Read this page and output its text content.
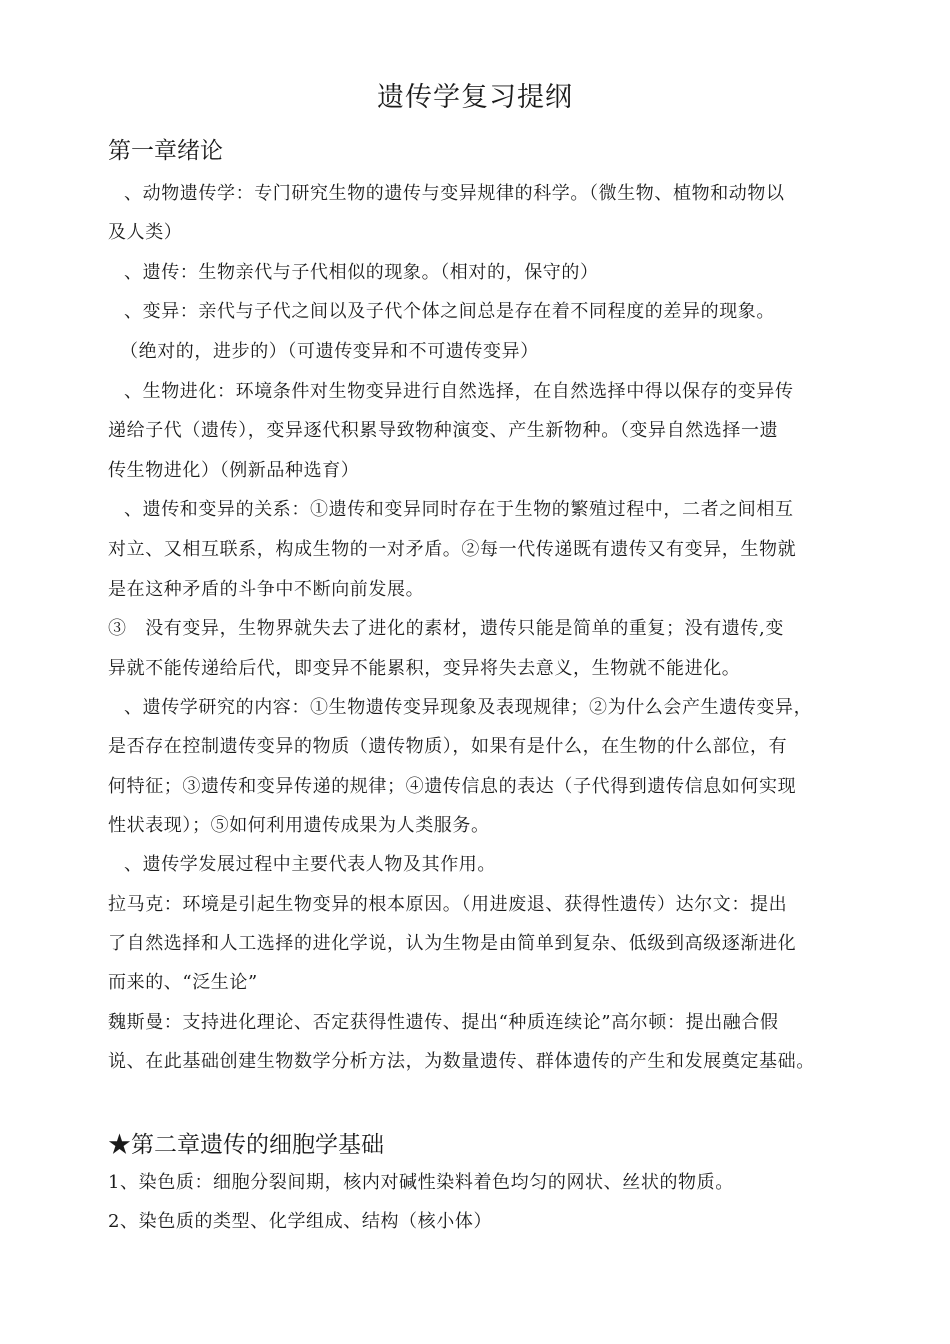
遗传学复习提纲
第一章绪论
、动物遗传学：专门研究生物的遗传与变异规律的科学。（微生物、植物和动物以
及人类）
、遗传：生物亲代与子代相似的现象。（相对的，保守的）
、变异：亲代与子代之间以及子代个体之间总是存在着不同程度的差异的现象。
（绝对的，进步的）（可遗传变异和不可遗传变异）
、生物进化：环境条件对生物变异进行自然选择，在自然选择中得以保存的变异传
递给子代（遗传），变异逐代积累导致物种演变、产生新物种。（变异自然选择一遗
传生物进化）（例新品种选育）
、遗传和变异的关系：①遗传和变异同时存在于生物的繁殖过程中，二者之间相互
对立、又相互联系，构成生物的一对矛盾。②每一代传递既有遗传又有变异，生物就
是在这种矛盾的斗争中不断向前发展。
③　没有变异，生物界就失去了进化的素材，遗传只能是简单的重复；没有遗传,变
异就不能传递给后代，即变异不能累积，变异将失去意义，生物就不能进化。
、遗传学研究的内容：①生物遗传变异现象及表现规律；②为什么会产生遗传变异，
是否存在控制遗传变异的物质（遗传物质），如果有是什么，在生物的什么部位，有
何特征；③遗传和变异传递的规律；④遗传信息的表达（子代得到遗传信息如何实现
性状表现）；⑤如何利用遗传成果为人类服务。
、遗传学发展过程中主要代表人物及其作用。
拉马克：环境是引起生物变异的根本原因。（用进废退、获得性遗传）达尔文：提出
了自然选择和人工选择的进化学说，认为生物是由简单到复杂、低级到高级逐渐进化
而来的、“泛生论”
魏斯曼：支持进化理论、否定获得性遗传、提出“种质连续论”高尔顿：提出融合假
说、在此基础创建生物数学分析方法，为数量遗传、群体遗传的产生和发展奠定基础。
★第二章遗传的细胞学基础
1、染色质：细胞分裂间期，核内对碱性染料着色均匀的网状、丝状的物质。
2、染色质的类型、化学组成、结构（核小体）
